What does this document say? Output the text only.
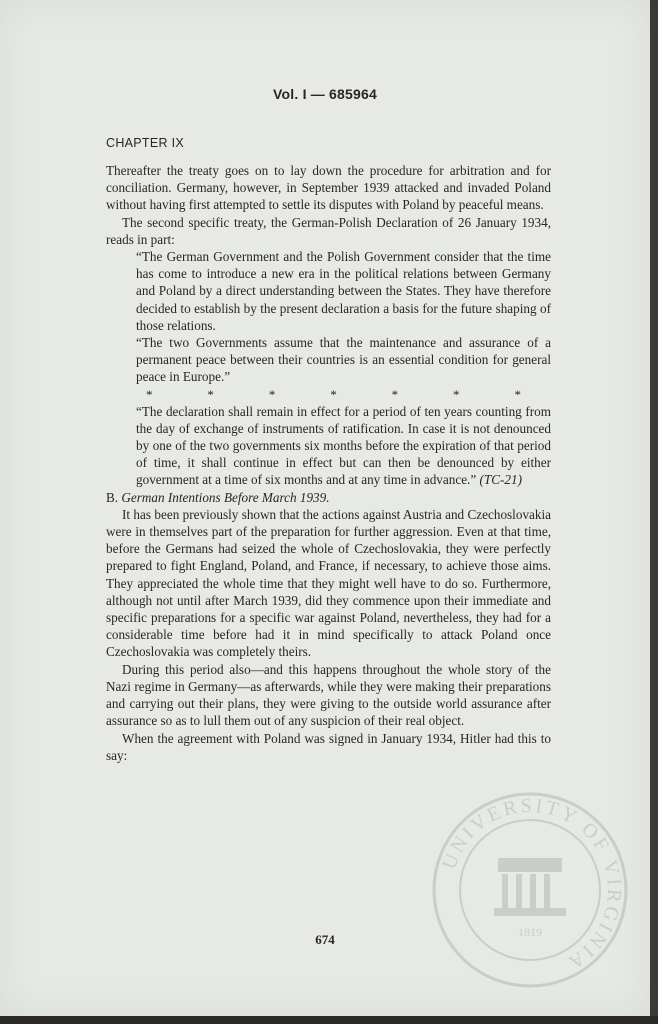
Vol. I — 685964
CHAPTER IX

Thereafter the treaty goes on to lay down the procedure for arbitration and for conciliation. Germany, however, in September 1939 attacked and invaded Poland without having first attempted to settle its disputes with Poland by peaceful means.

The second specific treaty, the German-Polish Declaration of 26 January 1934, reads in part:

“The German Government and the Polish Government consider that the time has come to introduce a new era in the political relations between Germany and Poland by a direct understanding between the States. They have therefore decided to establish by the present declaration a basis for the future shaping of those relations.

“The two Governments assume that the maintenance and assurance of a permanent peace between their countries is an essential condition for general peace in Europe.”

*	*	*	*	*	*	*

“The declaration shall remain in effect for a period of ten years counting from the day of exchange of instruments of ratification. In case it is not denounced by one of the two governments six months before the expiration of that period of time, it shall continue in effect but can then be denounced by either government at a time of six months and at any time in advance.” (TC-21)

B. German Intentions Before March 1939.

It has been previously shown that the actions against Austria and Czechoslovakia were in themselves part of the preparation for further aggression. Even at that time, before the Germans had seized the whole of Czechoslovakia, they were perfectly prepared to fight England, Poland, and France, if necessary, to achieve those aims. They appreciated the whole time that they might well have to do so. Furthermore, although not until after March 1939, did they commence upon their immediate and specific preparations for a specific war against Poland, nevertheless, they had for a considerable time before had it in mind specifically to attack Poland once Czechoslovakia was completely theirs.

During this period also—and this happens throughout the whole story of the Nazi regime in Germany—as afterwards, while they were making their preparations and carrying out their plans, they were giving to the outside world assurance after assurance so as to lull them out of any suspicion of their real object.

When the agreement with Poland was signed in January 1934, Hitler had this to say:

UNIVERSITY OF VIRGINIA
1819
674
